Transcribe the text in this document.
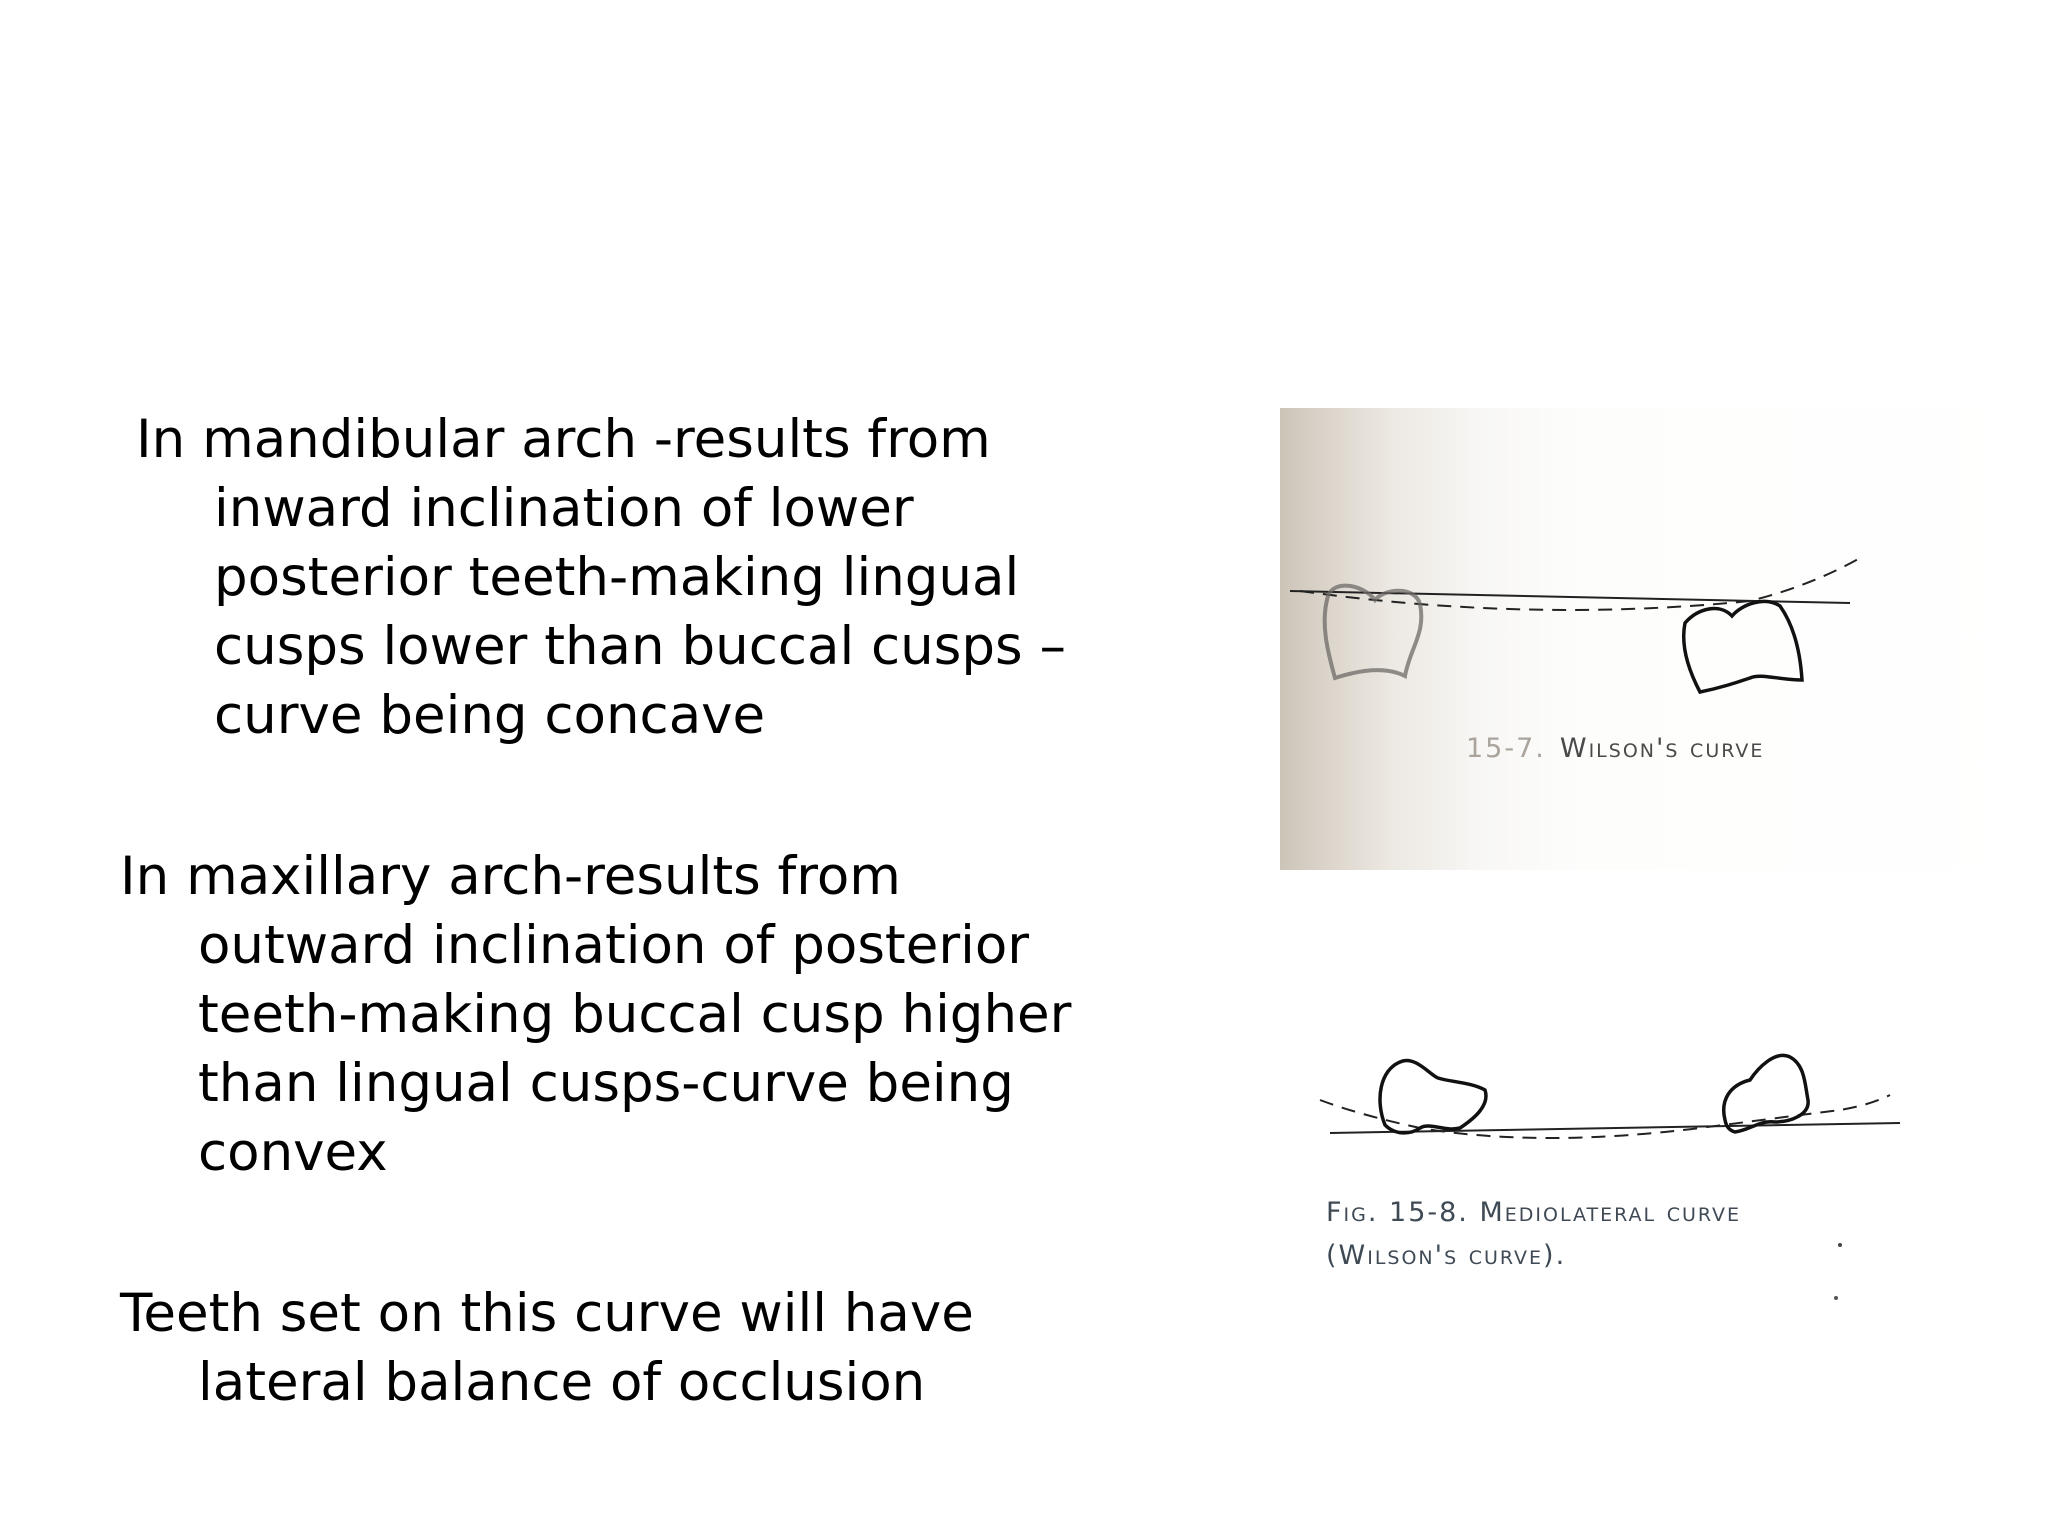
In mandibular arch -results from
inward inclination of lower
posterior teeth-making lingual
cusps lower than buccal cusps –
curve being concave

In maxillary arch-results from
outward inclination of posterior
teeth-making buccal cusp higher
than lingual cusps-curve being
convex

Teeth set on this curve will have
lateral balance of occlusion

15-7. Wilson's curve
Fig. 15-8. Mediolateral curve
(Wilson's curve).
